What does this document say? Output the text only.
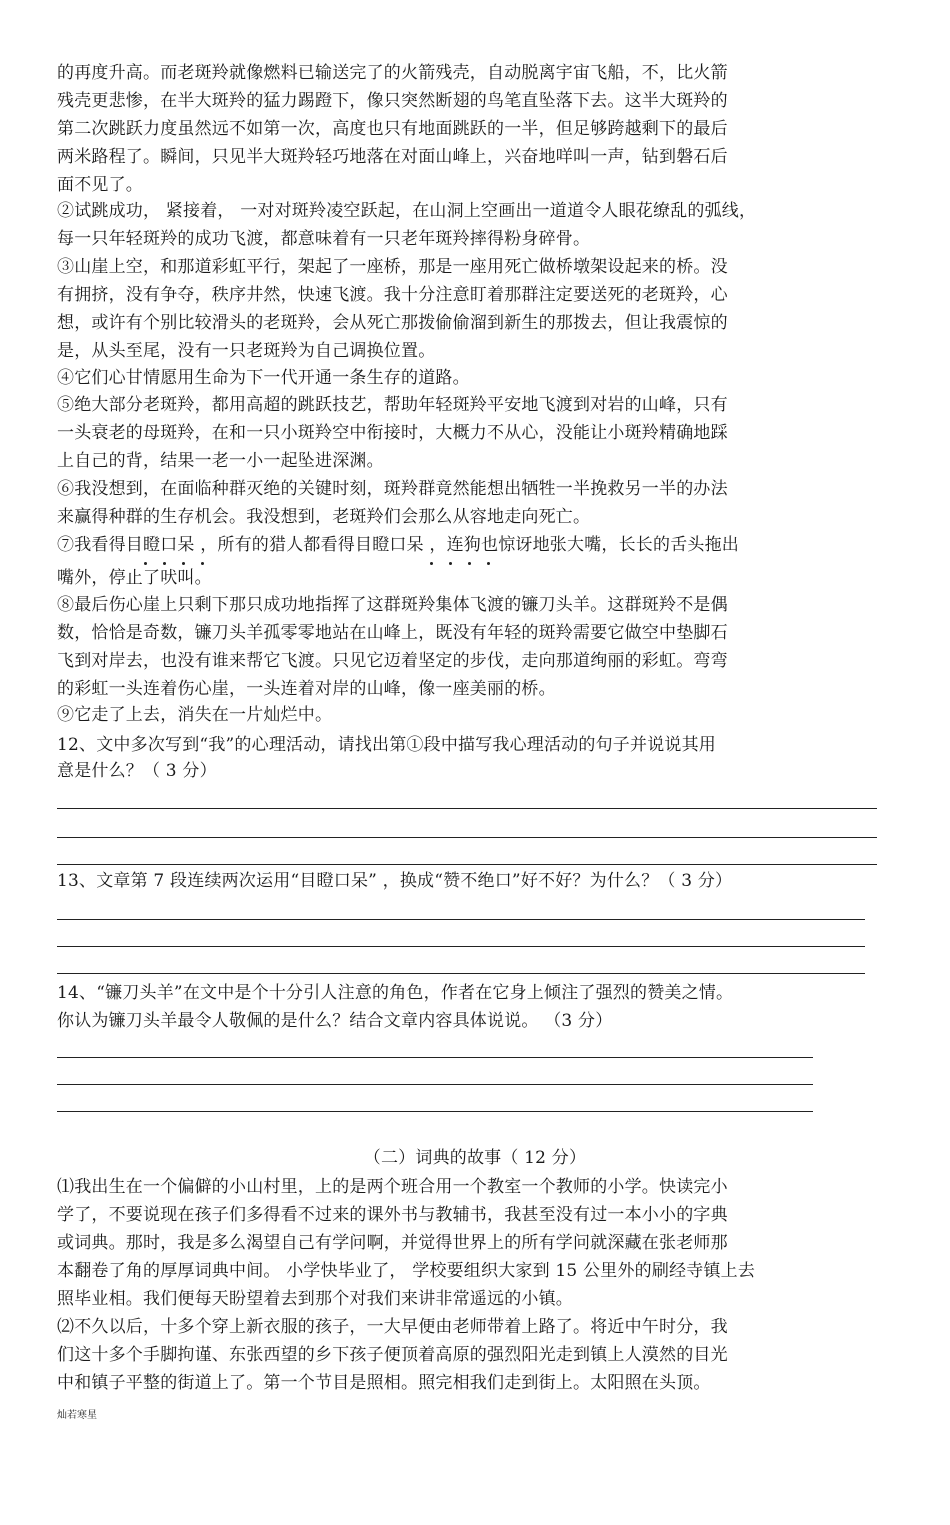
的再度升高。而老斑羚就像燃料已输送完了的火箭残壳，自动脱离宇宙飞船，不，比火箭
残壳更悲惨，在半大斑羚的猛力踢蹬下，像只突然断翅的鸟笔直坠落下去。这半大斑羚的
第二次跳跃力度虽然远不如第一次，高度也只有地面跳跃的一半，但足够跨越剩下的最后
两米路程了。瞬间，只见半大斑羚轻巧地落在对面山峰上，兴奋地咩叫一声，钻到磐石后
面不见了。
②试跳成功， 紧接着， 一对对斑羚凌空跃起，在山洞上空画出一道道令人眼花缭乱的弧线，
每一只年轻斑羚的成功飞渡，都意味着有一只老年斑羚摔得粉身碎骨。
③山崖上空，和那道彩虹平行，架起了一座桥，那是一座用死亡做桥墩架设起来的桥。没
有拥挤，没有争夺，秩序井然，快速飞渡。我十分注意盯着那群注定要送死的老斑羚，心
想，或许有个别比较滑头的老斑羚，会从死亡那拨偷偷溜到新生的那拨去，但让我震惊的
是，从头至尾，没有一只老斑羚为自己调换位置。
④它们心甘情愿用生命为下一代开通一条生存的道路。
⑤绝大部分老斑羚，都用高超的跳跃技艺，帮助年轻斑羚平安地飞渡到对岩的山峰，只有
一头衰老的母斑羚，在和一只小斑羚空中衔接时，大概力不从心，没能让小斑羚精确地踩
上自己的背，结果一老一小一起坠进深渊。
⑥我没想到，在面临种群灭绝的关键时刻，斑羚群竟然能想出牺牲一半挽救另一半的办法
来赢得种群的生存机会。我没想到，老斑羚们会那么从容地走向死亡。
⑦我看得目瞪口呆 ，所有的猎人都看得目瞪口呆 ，连狗也惊讶地张大嘴，长长的舌头拖出
嘴外，停止了吠叫。
⑧最后伤心崖上只剩下那只成功地指挥了这群斑羚集体飞渡的镰刀头羊。这群斑羚不是偶
数，恰恰是奇数，镰刀头羊孤零零地站在山峰上，既没有年轻的斑羚需要它做空中垫脚石
飞到对岸去，也没有谁来帮它飞渡。只见它迈着坚定的步伐，走向那道绚丽的彩虹。弯弯
的彩虹一头连着伤心崖，一头连着对岸的山峰，像一座美丽的桥。
⑨它走了上去，消失在一片灿烂中。
12、文中多次写到“我”的心理活动，请找出第①段中描写我心理活动的句子并说说其用
意是什么？（ 3 分）
13、文章第 7 段连续两次运用“目瞪口呆” ，换成“赞不绝口”好不好？为什么？（ 3 分）
14、“镰刀头羊”在文中是个十分引人注意的角色，作者在它身上倾注了强烈的赞美之情。
你认为镰刀头羊最令人敬佩的是什么？结合文章内容具体说说。 （3 分）
（二）词典的故事（ 12 分）
⑴我出生在一个偏僻的小山村里，上的是两个班合用一个教室一个教师的小学。快读完小
学了，不要说现在孩子们多得看不过来的课外书与教辅书，我甚至没有过一本小小的字典
或词典。那时，我是多么渴望自己有学问啊，并觉得世界上的所有学问就深藏在张老师那
本翻卷了角的厚厚词典中间。 小学快毕业了， 学校要组织大家到 15 公里外的刷经寺镇上去
照毕业相。我们便每天盼望着去到那个对我们来讲非常遥远的小镇。
⑵不久以后，十多个穿上新衣服的孩子，一大早便由老师带着上路了。将近中午时分，我
们这十多个手脚拘谨、东张西望的乡下孩子便顶着高原的强烈阳光走到镇上人漠然的目光
中和镇子平整的街道上了。第一个节目是照相。照完相我们走到街上。太阳照在头顶。
灿若寒星
